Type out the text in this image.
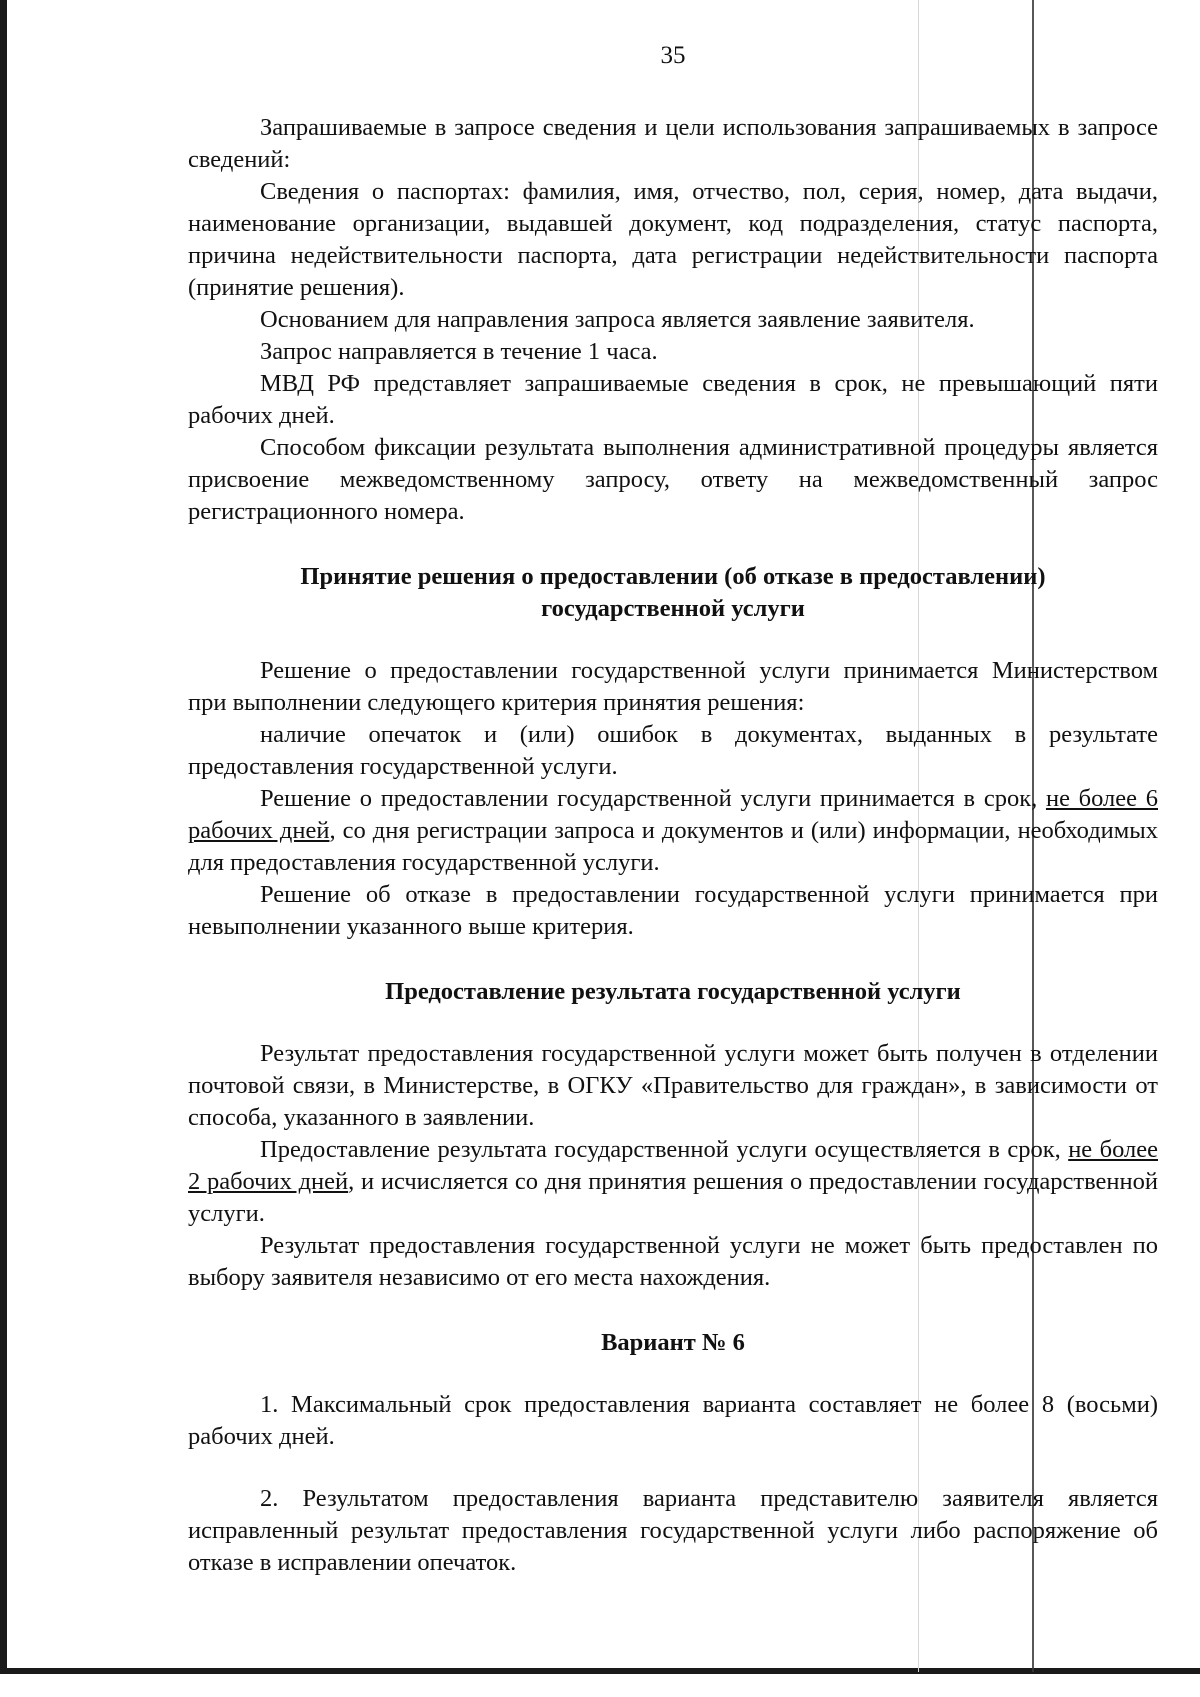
35

Запрашиваемые в запросе сведения и цели использования запрашиваемых в запросе сведений:

Сведения о паспортах: фамилия, имя, отчество, пол, серия, номер, дата выдачи, наименование организации, выдавшей документ, код подразделения, статус паспорта, причина недействительности паспорта, дата регистрации недействительности паспорта (принятие решения).

Основанием для направления запроса является заявление заявителя.

Запрос направляется в течение 1 часа.

МВД РФ представляет запрашиваемые сведения в срок, не превышающий пяти рабочих дней.

Способом фиксации результата выполнения административной процедуры является присвоение межведомственному запросу, ответу на межведомственный запрос регистрационного номера.

Принятие решения о предоставлении (об отказе в предоставлении)
государственной услуги

Решение о предоставлении государственной услуги принимается Министерством при выполнении следующего критерия принятия решения:

наличие опечаток и (или) ошибок в документах, выданных в результате предоставления государственной услуги.

Решение о предоставлении государственной услуги принимается в срок, не более 6 рабочих дней, со дня регистрации запроса и документов и (или) информации, необходимых для предоставления государственной услуги.

Решение об отказе в предоставлении государственной услуги принимается при невыполнении указанного выше критерия.

Предоставление результата государственной услуги

Результат предоставления государственной услуги может быть получен в отделении почтовой связи, в Министерстве, в ОГКУ «Правительство для граждан», в зависимости от способа, указанного в заявлении.

Предоставление результата государственной услуги осуществляется в срок, не более 2 рабочих дней, и исчисляется со дня принятия решения о предоставлении государственной услуги.

Результат предоставления государственной услуги не может быть предоставлен по выбору заявителя независимо от его места нахождения.

Вариант № 6

1. Максимальный срок предоставления варианта составляет не более 8 (восьми) рабочих дней.

2. Результатом предоставления варианта представителю заявителя является исправленный результат предоставления государственной услуги либо распоряжение об отказе в исправлении опечаток.
